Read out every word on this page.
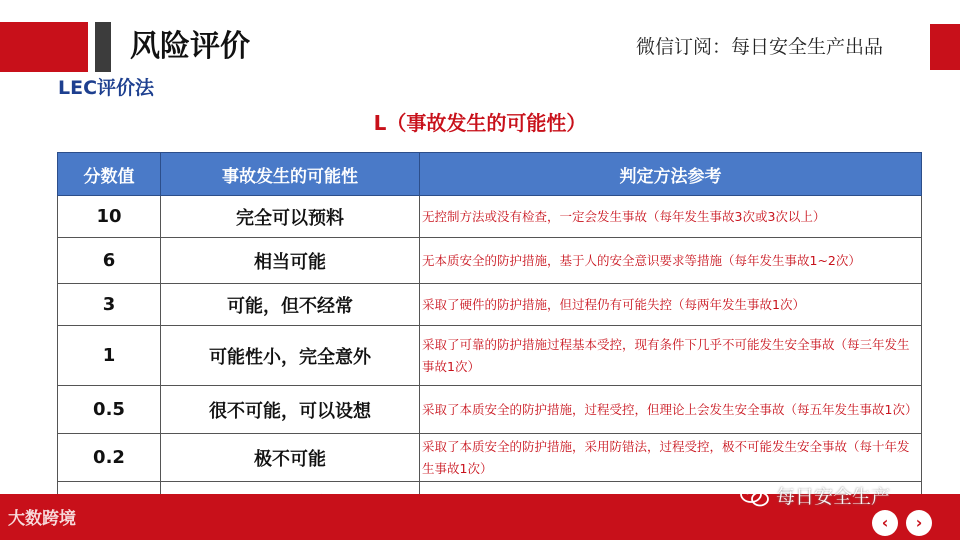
风险评价	微信订阅：每日安全生产出品
LEC评价法
L（事故发生的可能性）
分数值	事故发生的可能性	判定方法参考
10	完全可以预料	无控制方法或没有检查，一定会发生事故（每年发生事故3次或3次以上）
6	相当可能	无本质安全的防护措施，基于人的安全意识要求等措施（每年发生事故1~2次）
3	可能，但不经常	采取了硬件的防护措施，但过程仍有可能失控（每两年发生事故1次）
1	可能性小，完全意外	采取了可靠的防护措施过程基本受控，现有条件下几乎不可能发生安全事故（每三年发生事故1次）
0.5	很不可能，可以设想	采取了本质安全的防护措施，过程受控，但理论上会发生安全事故（每五年发生事故1次）
0.2	极不可能	采取了本质安全的防护措施，采用防错法，过程受控，极不可能发生安全事故（每十年发生事故1次）

大数跨境
每日安全生产
‹	›
